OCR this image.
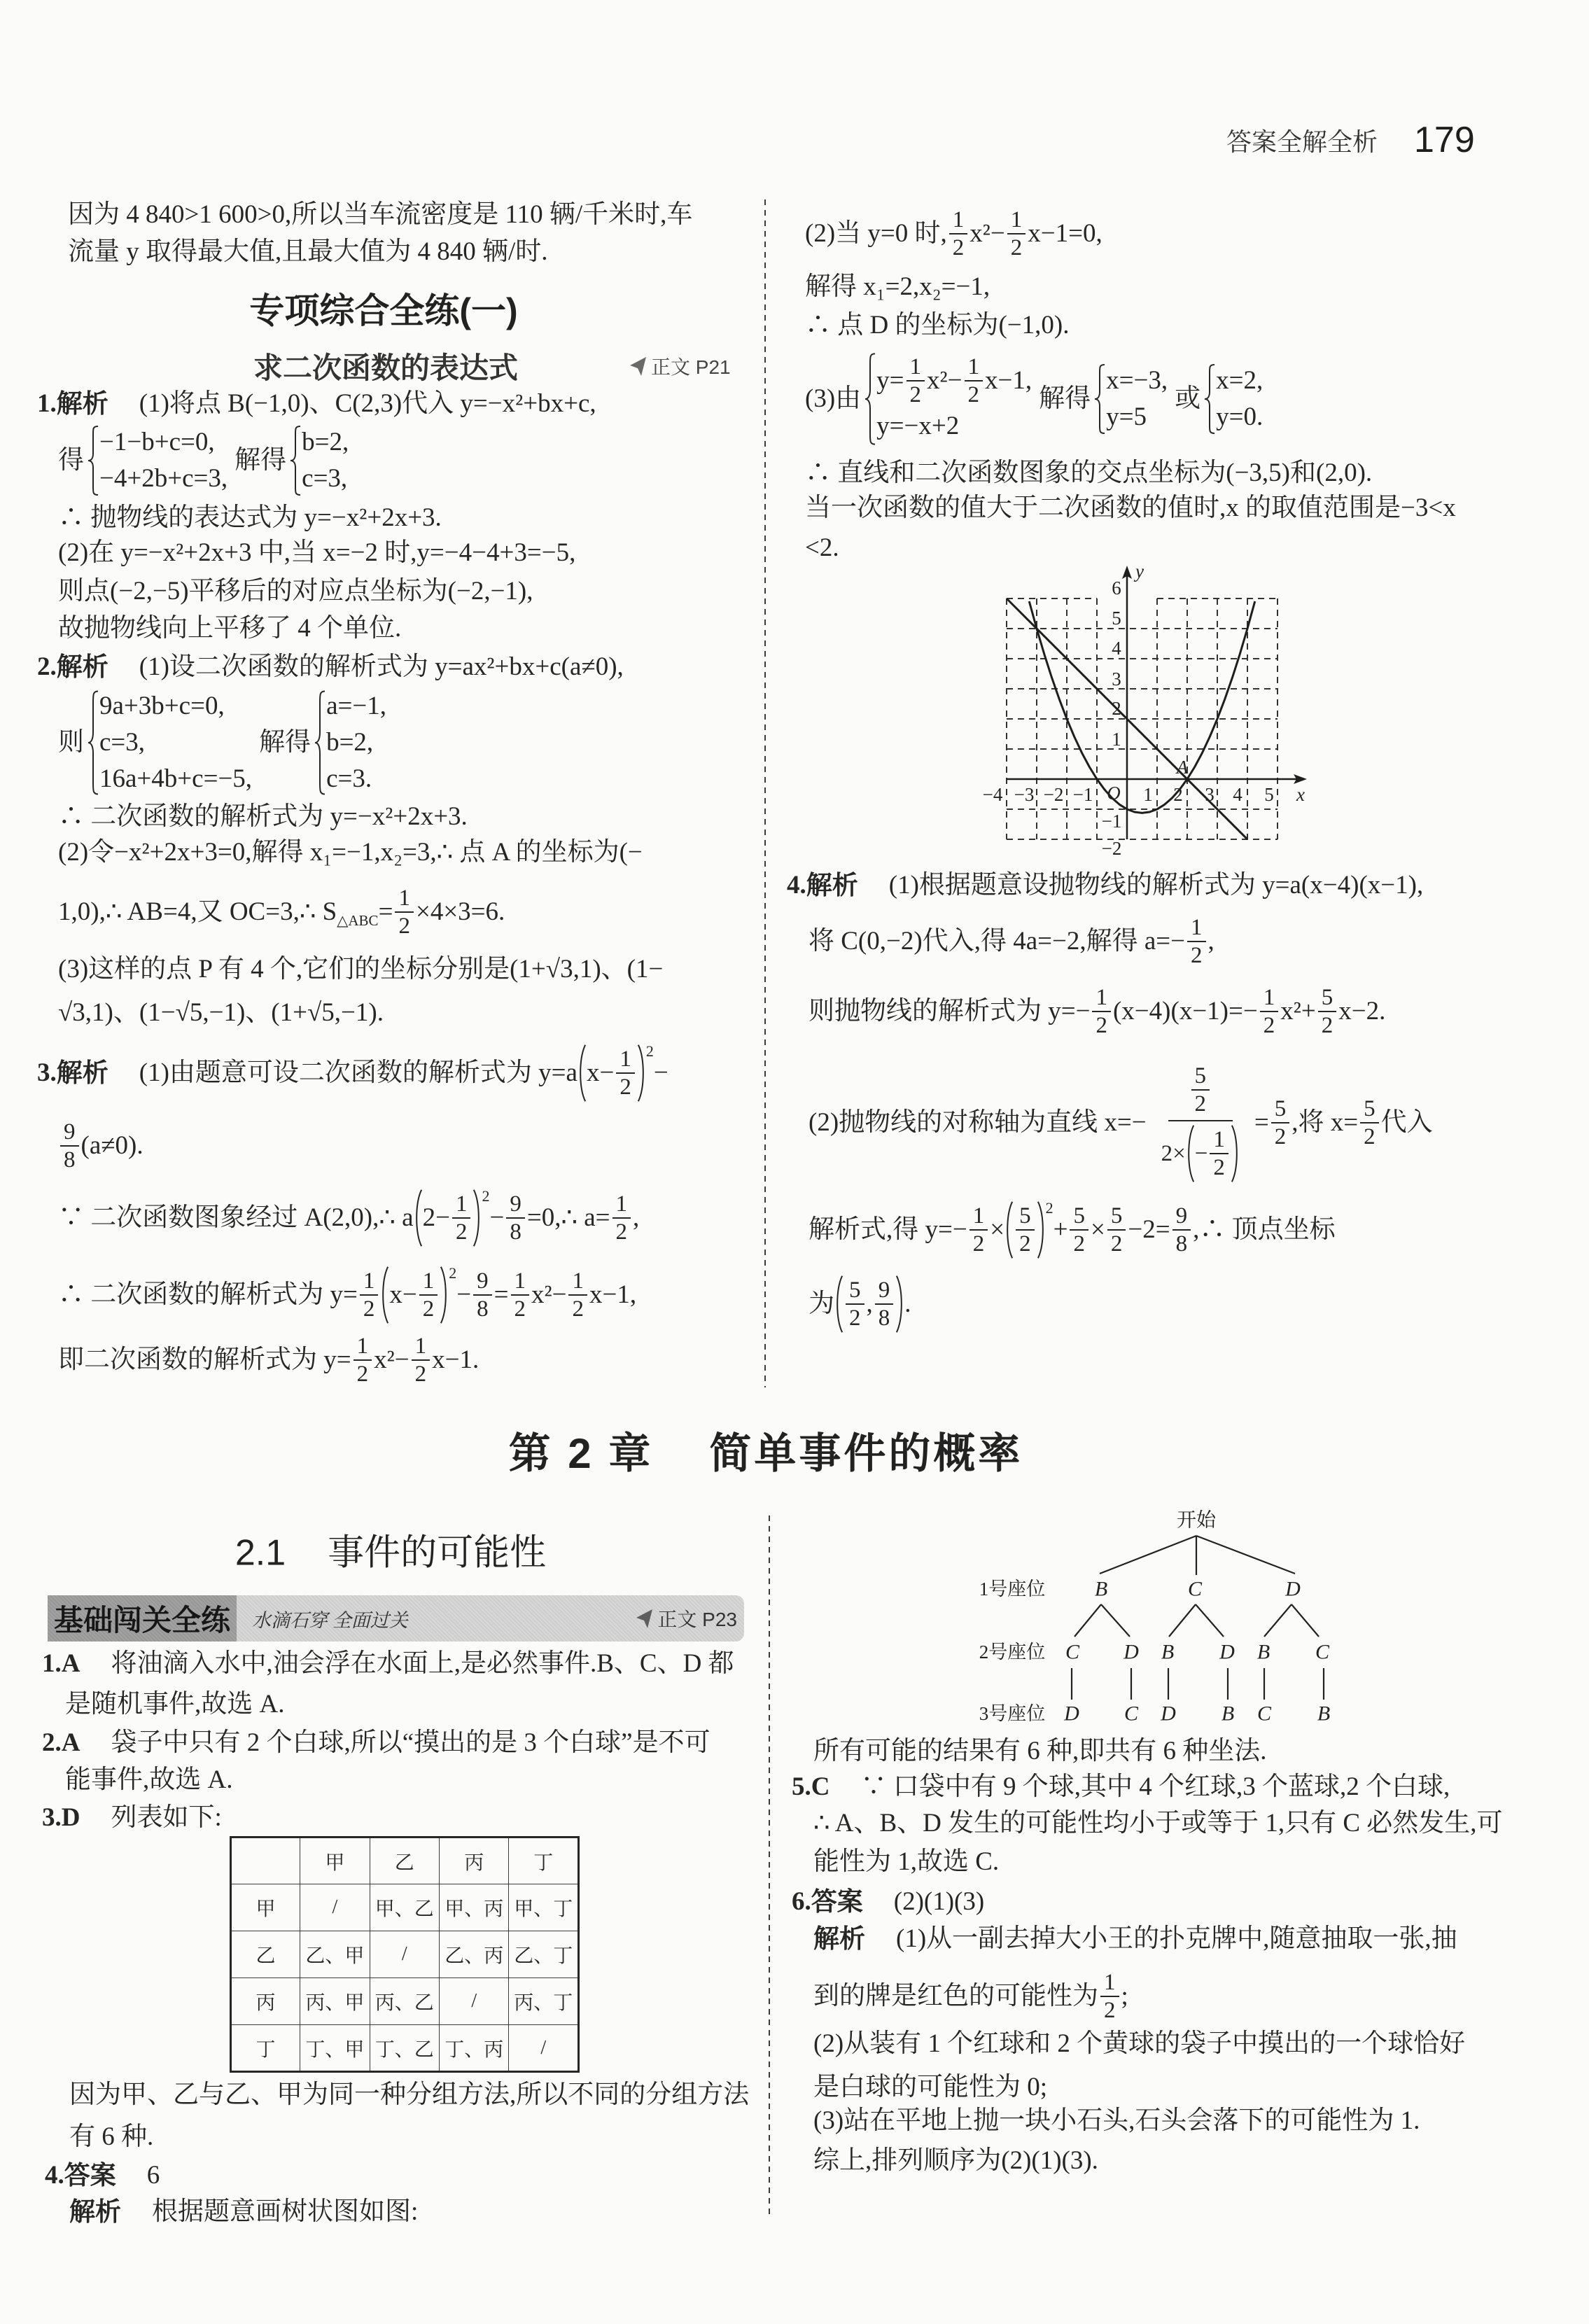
答案全解全析 179
因为 4 840>1 600>0,所以当车流密度是 110 辆/千米时,车
流量 y 取得最大值,且最大值为 4 840 辆/时.
专项综合全练(一)
求二次函数的表达式	正文 P21
1. 解析 (1)将点 B(−1,0)、C(2,3)代入 y=−x²+bx+c,
得
−1−b+c=0,
−4+2b+c=3,
解得
b=2,
c=3,
∴ 抛物线的表达式为 y=−x²+2x+3.
(2)在 y=−x²+2x+3 中,当 x=−2 时,y=−4−4+3=−5,
则点(−2,−5)平移后的对应点坐标为(−2,−1),
故抛物线向上平移了 4 个单位.
2. 解析 (1)设二次函数的解析式为 y=ax²+bx+c(a≠0),
则
9a+3b+c=0,
c=3,
16a+4b+c=−5,
解得
a=−1,
b=2,
c=3.
∴ 二次函数的解析式为 y=−x²+2x+3.
(2)令−x²+2x+3=0,解得 x₁=−1,x₂=3,∴ 点 A 的坐标为(−
1,0),∴ AB=4,又 OC=3,∴ S △ABC = $\frac{1}{2} \times 4\times 3=6$.
(3)这样的点 P 有 4 个,它们的坐标分别是(1+√3,1)、(1−
√3,1)、(1−√5,−1)、(1+√5,−1).
3. 解析 (1)由题意可设二次函数的解析式为 y=a $x- \frac{1}{2} 2$
−
$\frac{9}{8} (a\ne 0)$.
∵ 二次函数图象经过 A(2,0),∴ a $2- \frac{1}{2} 2$
− $\frac{9}{8}$ =0,∴ $a= \frac{1}{2}$ ,
∴ 二次函数的解析式为 $y= \frac{1}{2} x- \frac{1}{2} 2$
− $\frac{9}{8} = \frac{1}{2} x^2- \frac{1}{2} x-1$,
即二次函数的解析式为 $y= \frac{1}{2} x^2- \frac{1}{2} x-1$.
(2)当 y=0 时, $\frac{1}{2} x^2- \frac{1}{2} x-1=0$,
解得 x₁=2,x₂=−1,
∴ 点 D 的坐标为(−1,0).
(3)由
$y= \frac{1}{2} x^2- \frac{1}{2} x-1$,
y=−x+2
解得
x=−3,
y=5
或
x=2,
y=0.
∴ 直线和二次函数图象的交点坐标为(−3,5)和(2,0).
当一次函数的值大于二次函数的值时,x 的取值范围是−3<x
<2.
−4 −3 −2 −1	1 2 3 4 5 x
O
6
5
4
3
2
1
−1
−2
y
A
4. 解析 (1)根据题意设抛物线的解析式为 y=a(x−4)(x−1),
将 C(0,−2)代入,得 4a=−2,解得 $a=- \frac{1}{2}$ ,
则抛物线的解析式为 $y=- \frac{1}{2} (x-4)(x-1)=- \frac{1}{2} x^2+ \frac{5}{2} x-2$.
(2)抛物线的对称轴为直线 $x=- \frac{\frac{5}{2}}{2\times - \frac{1}{2}} = \frac{5}{2}$ ,将 $x= \frac{5}{2}$ 代入
解析式,得 $y=- \frac{1}{2} \times \frac{5}{2} 2$
+ $\frac{5}{2} \times \frac{5}{2} -2= \frac{9}{8}$ ,∴ 顶点坐标
为 $\frac{5}{2}$ , $\frac{9}{8}$ .
第 2 章 简单事件的概率
2.1 事件的可能性
基础闯关全练	水滴石穿 全面过关	正文 P23
1.A 将油滴入水中,油会浮在水面上,是必然事件.B、C、D 都
是随机事件,故选 A.
2.A 袋子中只有 2 个白球,所以“摸出的是 3 个白球”是不可
能事件,故选 A.
3.D 列表如下:
	甲	乙	丙	丁
甲	/	甲、乙	甲、丙	甲、丁
乙	乙、甲	/	乙、丙	乙、丁
丙	丙、甲	丙、乙	/	丙、丁
丁	丁、甲	丁、乙	丁、丙	/
因为甲、乙与乙、甲为同一种分组方法,所以不同的分组方法
有 6 种.
4. 答案 6
解析 根据题意画树状图如图:
开始
1号座位
2号座位
3号座位
B	C	D
C D B D B C
D C D B C B
所有可能的结果有 6 种,即共有 6 种坐法.
5.C ∵ 口袋中有 9 个球,其中 4 个红球,3 个蓝球,2 个白球,
∴ A、B、D 发生的可能性均小于或等于 1,只有 C 必然发生,可
能性为 1,故选 C.
6. 答案 (2)(1)(3)
解析 (1)从一副去掉大小王的扑克牌中,随意抽取一张,抽
到的牌是红色的可能性为 $\frac{1}{2}$ ;
(2)从装有 1 个红球和 2 个黄球的袋子中摸出的一个球恰好
是白球的可能性为 0;
(3)站在平地上抛一块小石头,石头会落下的可能性为 1.
综上,排列顺序为(2)(1)(3).
